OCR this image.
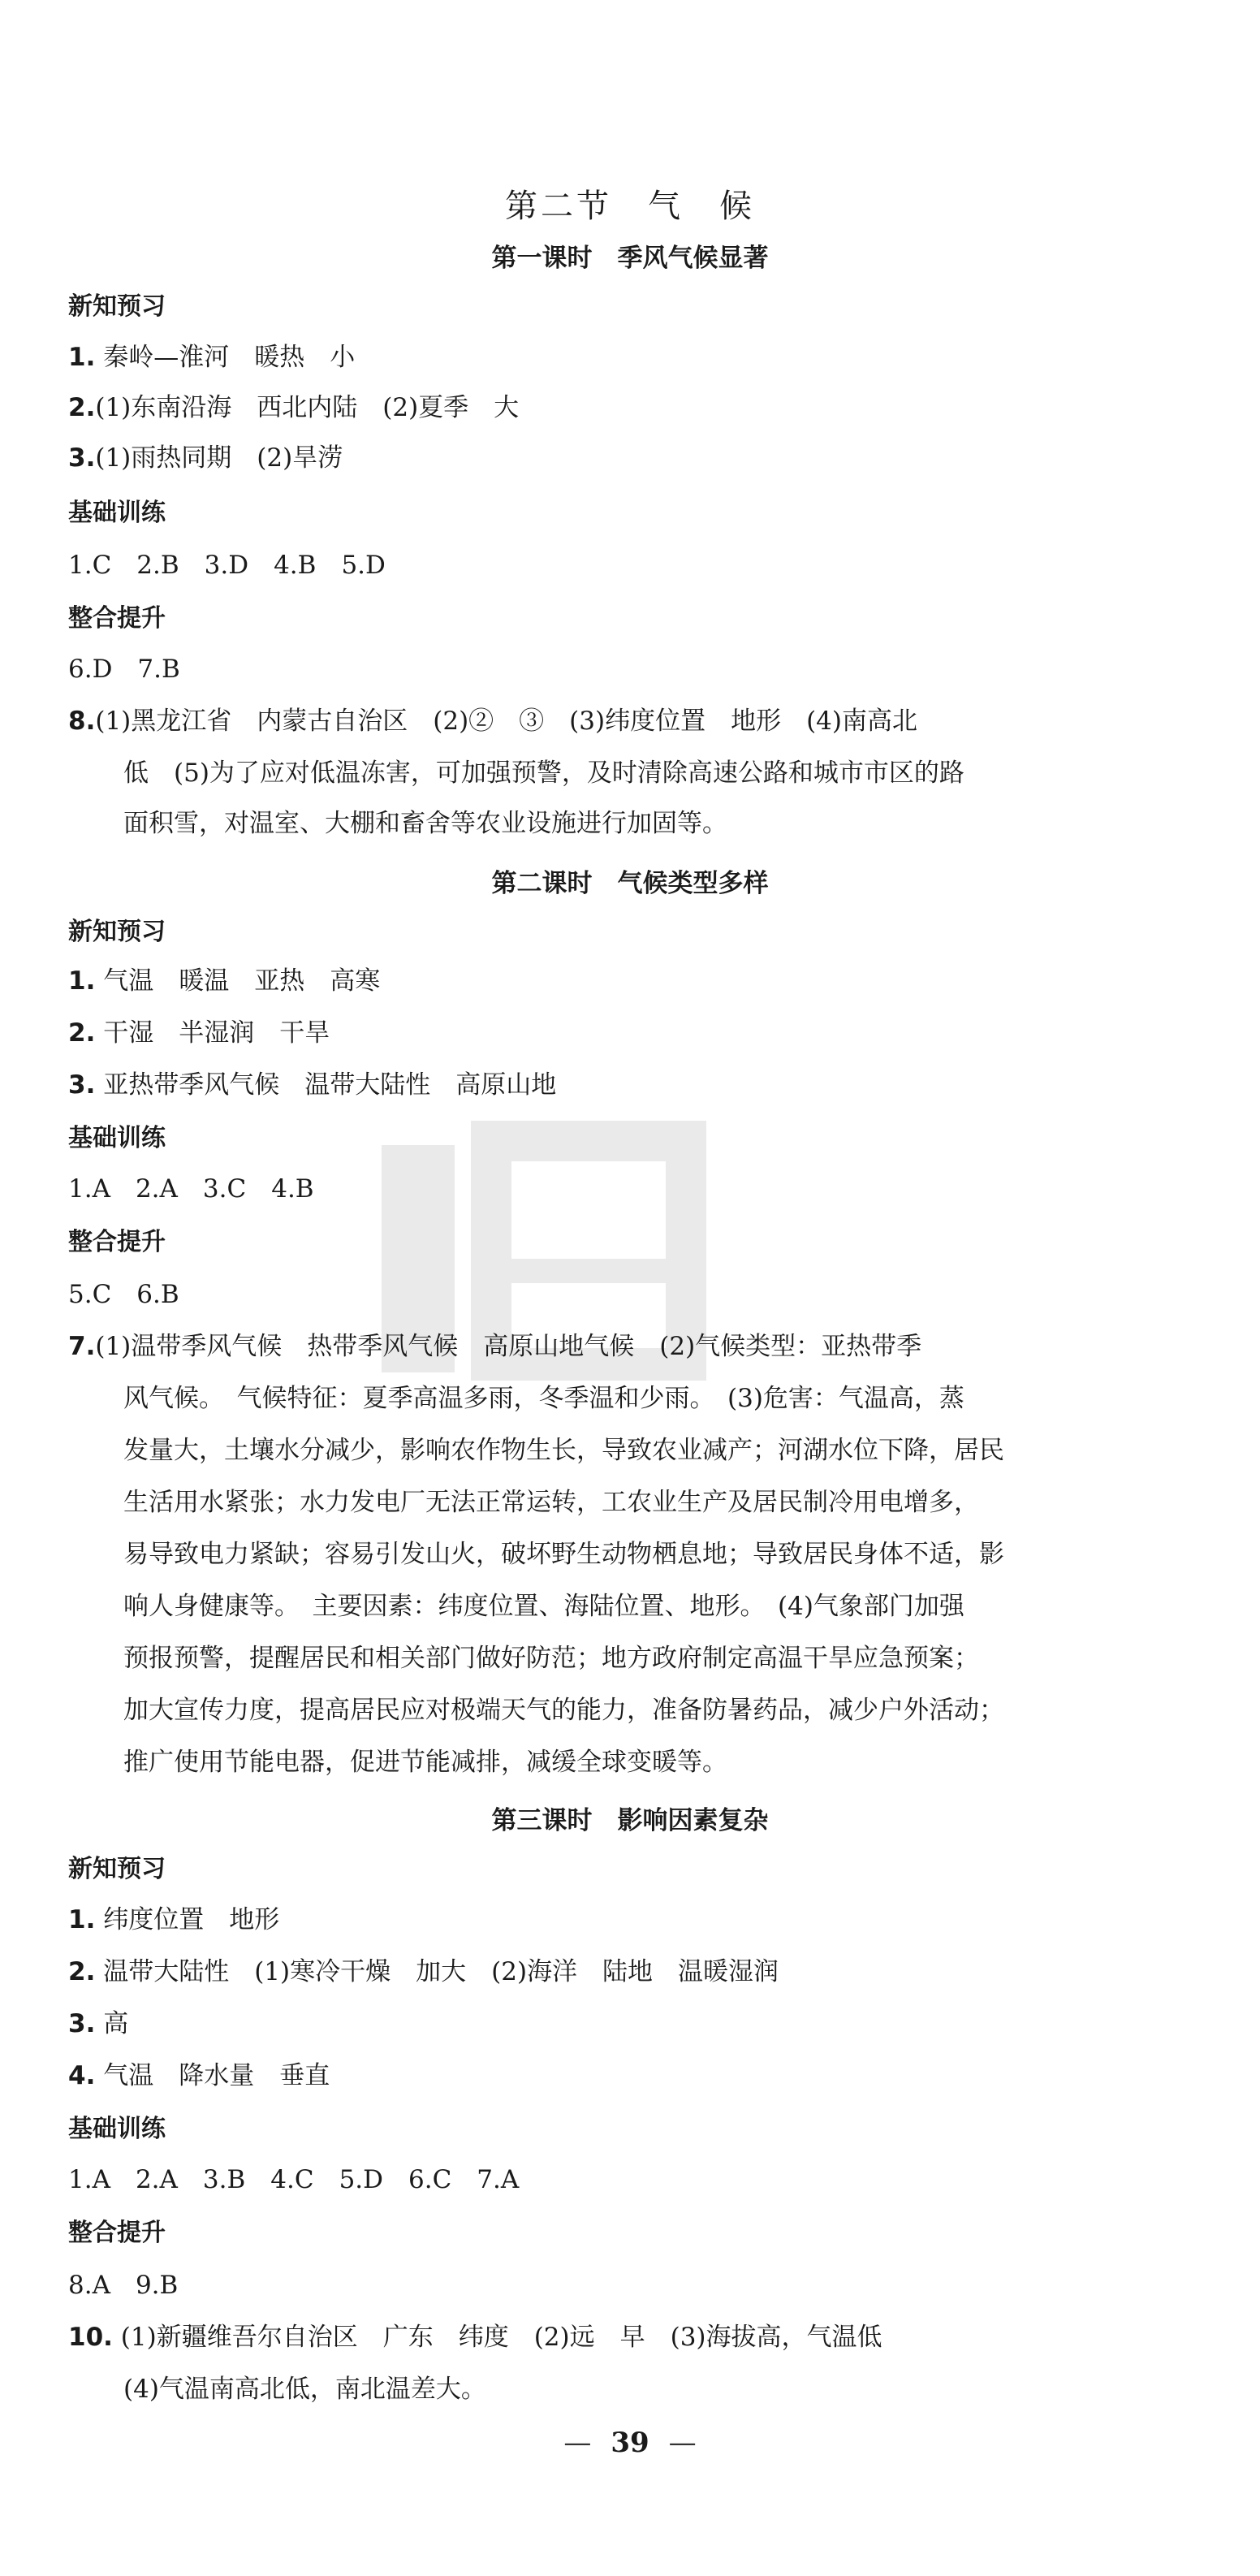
第二节　气　候
第一课时　季风气候显著
新知预习
1. 秦岭—淮河　暖热　小
2.(1)东南沿海　西北内陆　(2)夏季　大
3.(1)雨热同期　(2)旱涝
基础训练
1.C　2.B　3.D　4.B　5.D
整合提升
6.D　7.B
8.(1)黑龙江省　内蒙古自治区　(2)②　③　(3)纬度位置　地形　(4)南高北
低　(5)为了应对低温冻害，可加强预警，及时清除高速公路和城市市区的路
面积雪，对温室、大棚和畜舍等农业设施进行加固等。
第二课时　气候类型多样
新知预习
1. 气温　暖温　亚热　高寒
2. 干湿　半湿润　干旱
3. 亚热带季风气候　温带大陆性　高原山地
基础训练
1.A　2.A　3.C　4.B
整合提升
5.C　6.B
7.(1)温带季风气候　热带季风气候　高原山地气候　(2)气候类型：亚热带季
风气候。　气候特征：夏季高温多雨，冬季温和少雨。　(3)危害：气温高，蒸
发量大，土壤水分减少，影响农作物生长，导致农业减产；河湖水位下降，居民
生活用水紧张；水力发电厂无法正常运转，工农业生产及居民制冷用电增多，
易导致电力紧缺；容易引发山火，破坏野生动物栖息地；导致居民身体不适，影
响人身健康等。　主要因素：纬度位置、海陆位置、地形。　(4)气象部门加强
预报预警，提醒居民和相关部门做好防范；地方政府制定高温干旱应急预案；
加大宣传力度，提高居民应对极端天气的能力，准备防暑药品，减少户外活动；
推广使用节能电器，促进节能减排，减缓全球变暖等。
第三课时　影响因素复杂
新知预习
1. 纬度位置　地形
2. 温带大陆性　(1)寒冷干燥　加大　(2)海洋　陆地　温暖湿润
3. 高
4. 气温　降水量　垂直
基础训练
1.A　2.A　3.B　4.C　5.D　6.C　7.A
整合提升
8.A　9.B
10. (1)新疆维吾尔自治区　广东　纬度　(2)远　早　(3)海拔高，气温低
(4)气温南高北低，南北温差大。
— 39 —
